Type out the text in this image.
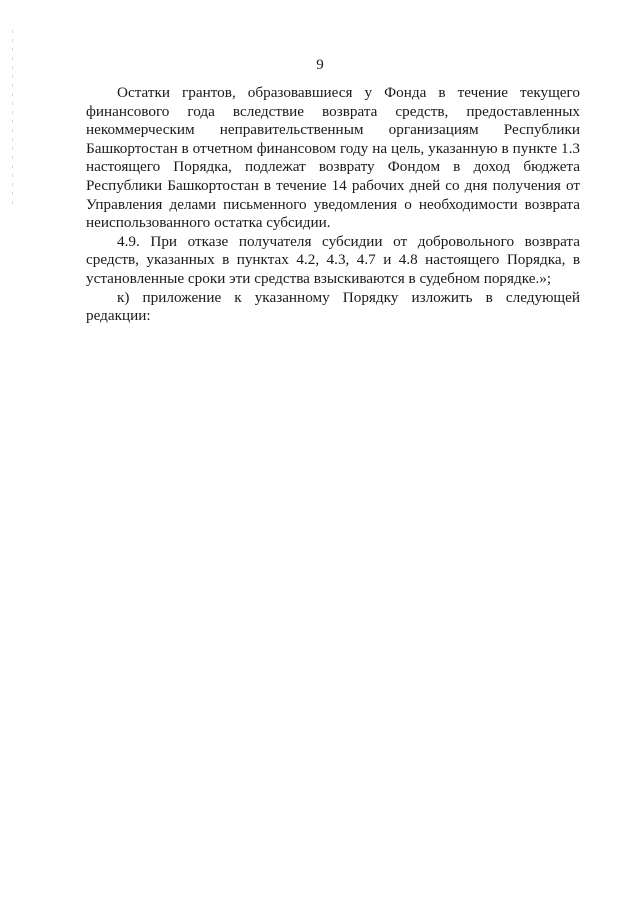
9

Остатки грантов, образовавшиеся у Фонда в течение текущего финансового года вследствие возврата средств, предоставленных некоммерческим неправительственным организациям Республики Башкортостан в отчетном финансовом году на цель, указанную в пункте 1.3 настоящего Порядка, подлежат возврату Фондом в доход бюджета Республики Башкортостан в течение 14 рабочих дней со дня получения от Управления делами письменного уведомления о необходимости возврата неиспользованного остатка субсидии.

4.9. При отказе получателя субсидии от добровольного возврата средств, указанных в пунктах 4.2, 4.3, 4.7 и 4.8 настоящего Порядка, в установленные сроки эти средства взыскиваются в судебном порядке.»;

к) приложение к указанному Порядку изложить в следующей редакции:
